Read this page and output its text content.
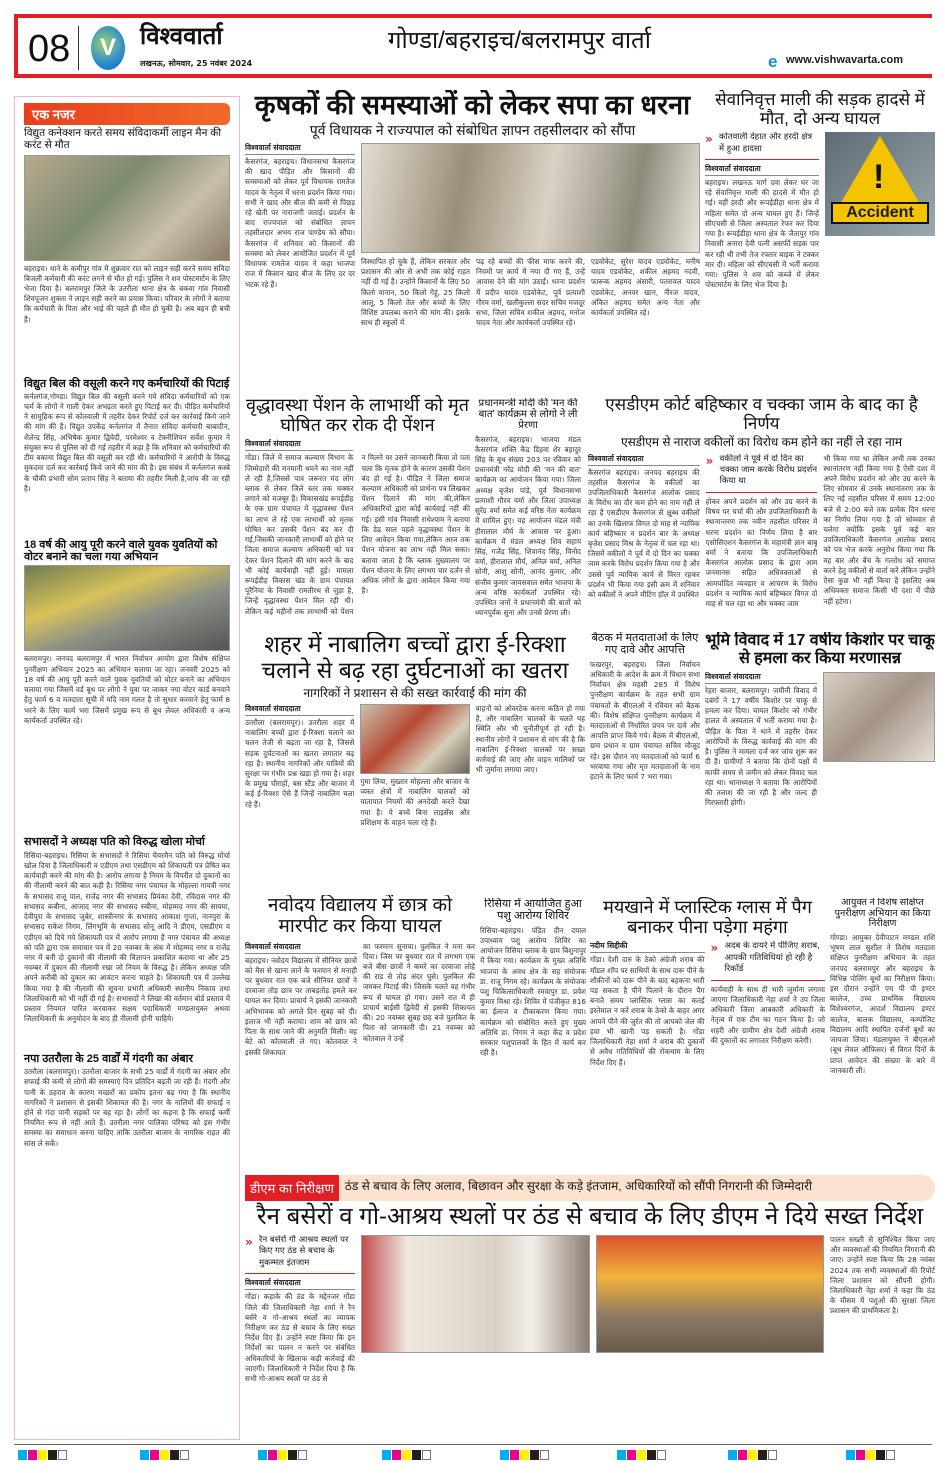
08	V	विश्ववार्ता
लखनऊ, सोमवार, 25 नवंबर 2024
गोण्डा/बहराइच/बलरामपुर वार्ता
e www.vishwavarta.com
एक नजर
विद्युत कनेक्शन करते समय संविदाकर्मी लाइन मैन की करंट से मौत
बहराइच। थाने के कमीपुर गांव में शुक्रवार रात को लाइन सही करने समय संविदा बिजली कर्मचारी की करंट लगने से मौत हो गई। पुलिस ने शव पोस्टमार्टम के लिए भेजा दिया है। बलरामपुर जिले के उतरौला थाना क्षेत्र के बकवा गांव निवासी शिवपूजन शुक्ला ने लाइन सही करने का प्रयास किया। परिवार के लोगों ने बताया कि कर्मचारी के पिता और भाई की पहले ही मौत हो चुकी है। अब बहन ही बची है।
विद्युत बिल की वसूली करने गए कर्मचारियों की पिटाई
कर्नलगंज,गोण्डा। विद्युत बिल की वसूली करने गये संविदा कर्मचारियों को एक फर्म के लोगों ने गाली देकर अभद्रता करते हुए पिटाई कर दी। पीड़ित कर्मचारियों ने सामूहिक रूप से कोतवाली में तहरीर देकर रिपोर्ट दर्ज कर कार्रवाई किये जाने की मांग की है। विद्युत उपकेंद्र कर्नलगंज में तैनात संविदा कर्मचारी बाबादीन, शैलेन्द्र सिंह, अभिषेक कुमार द्विवेदी, परमेश्वर व टेक्नीशियन सर्वेश कुमार ने संयुक्त रूप से पुलिस को दी गई तहरीर में कहा है कि शनिवार को कर्मचारियों की टीम बकाया विद्युत बिल की वसूली कर रही थी। कर्मचारियों ने आरोपी के विरुद्ध मुकदमा दर्ज कर कार्रवाई किये जाने की मांग की है। इस संबंध में कर्नलगंज कस्बे के चौकी प्रभारी सोम प्रताप सिंह ने बताया की तहरीर मिली है,जांच की जा रही है।
18 वर्ष की आयु पूरी करने वाले युवक युवतियों को वोटर बनाने का चला गया अभियान
बलरामपुर। जनपद बलरामपुर में भारत निर्वाचन आयोग द्वारा विशेष संक्षिप्त पुनरीक्षण अभियान 2025 का अभियान चलाया जा रहा। जनवरी 2025 को 18 वर्ष की आयु पूरी करने वाले युवक युवतियों को वोटर बनाने का अभियान चलाया गया जिसमें वर्ड बूथ पर लोगो ने युवा पर जाकर नया वोटर कार्ड बनवाने हेतु फार्म 6 व मतदाता सूची में यदि नाम गलत है तो सुधार करवाने हेतु फार्म 8 भरने के लिए फार्म भरा जिसमें प्रमुख रूप से बूथ लेवल अधिकारी व अन्य कार्यकर्ता उपस्थित रहे।
सभासदों ने अध्यक्ष पति को विरुद्ध खोला मोर्चा
रिसिया-बहराइच। रिसिया के सभासदों ने रिसिया चेयरमैन पति को विरुद्ध मोर्चा खोल दिया है जिलाधिकारी व एडीएम तथा एसडीएम को शिकायती पत्र प्रेषित कर कार्यवाही करने की मांग की है। आरोप लगाया है नियम के विपरीत दो दुकानों का की नीलामी करने की बात कही है। रिसिया नगर पंचायत के मोहल्ला गायत्री नगर के सभासद राजू पाल, राजेंद्र नगर की सभासद प्रियंका देवी, रविदास नगर की सभासद कबीना, आजाद नगर की सभासद रुबीना, मोहम्मद नगर की सायमा, देवीपुरा के सभासद जुबेर, शास्त्रीनगर के सभासद आकाश गुप्ता, नानपुरा के सभासद राकेश निगम, लिंगभूमि के सभासद सोनू आदि ने डीएम, एसडीएम व एडीएम को दिये गये शिकायती पत्र में आरोप लगाया है नगर पंचायत की अध्यक्ष को पति द्वारा एक समाचार पत्र में 20 नवम्बर के अंक में मोहम्मद नगर व राजेंद्र नगर में बनी दो दुकानों की नीलामी की विज्ञापन प्रकाशित कराया था और 25 नवम्बर में दुकान की नीलामी रखा जो नियम के विरुद्ध है। लेकिन अध्यक्ष पति अपने करीबी को दुकान का आवंटन करना चाहते है। शिकायती पत्र में उल्लेख किया गया है की नीलामी की सूचना प्रभारी अधिकारी स्थानीय निकाय तथा जिलाधिकारी को भी नहीं दी गई है। सभासदों ने लिखा की वर्तमान बोर्ड प्रस्ताव में प्रस्ताव नियमत पारित करवाकर सक्षम पदाधिकारी मण्डलायुक्त अथवा जिलाधिकारी के अनुमोदन के बाद ही नीलामी होनी चाहिये।
नपा उतरौला के 25 वार्डों में गंदगी का अंबार
उतरौला (बलरामपुर)। उतरौला बाजार के सभी 25 वार्डों में गंदगी का अंबार और सफाई की कमी से लोगों की समस्याएं दिन प्रतिदिन बढ़ती जा रही हैं। गंदगी और पानी के ठहराव के कारण मच्छरों का प्रकोप इतना बढ़ गया है कि स्थानीय नागरिकों ने प्रशासन से इसकी शिकायत की है। नगर के नालियों की सफाई न होने से गंदा पानी सड़कों पर बह रहा है। लोगों का कहना है कि सफाई कर्मी नियमित रूप से नहीं आते हैं। उतरौला नगर पालिका परिषद को इस गंभीर समस्या का समाधान करना चाहिए ताकि उतरौला बाजार के नागरिक राहत की सांस ले सकें।
कृषकों की समस्याओं को लेकर सपा का धरना
पूर्व विधायक ने राज्यपाल को संबोधित ज्ञापन तहसीलदार को सौंपा
विश्ववार्ता संवाददाता
कैसरगंज, बहराइच। विधानसभा कैसरगंज की खाद पीड़ित और किसानों की समस्याओं को लेकर पूर्व विधायक रामतेज यादव के नेतृत्व में धरना प्रदर्शन किया गया। सभी ने खाद और बीज की कमी से पिछड़ रहे खेती पर नाराजगी जताई। प्रदर्शन के बाद राज्यपाल को संबोधित ज्ञापन तहसीलदार अभय राज पाण्डेय को सौंपा। कैसरगंज में शनिवार को किसानों की समस्या को लेकर आयोजित प्रदर्शन में पूर्व विधायक रामतेज यादव ने कहा भाजपा राज में किसान खाद बीज के लिए दर दर भटक रहे हैं।
विस्थापित हो चुके हैं, लेकिन सरकार और प्रशासन की ओर से अभी तक कोई राहत नहीं दी गई है। उन्होंने किसानों के लिए 50 किलो यानान, 50 किलो गेहूं, 25 किलो आलू, 5 किलो तेल और बच्चों के लिए विशिष्ट उपलब्ध कराने की मांग की। इसके साथ ही स्कूलों में
पढ़ रहे बच्चों की फीस माफ करने की, नियमों पर कार्य में नया दौ गए हैं, उन्हें आवास देने की मांग उठाई। धरना प्रदर्शन में प्रदीप यादव एडवोकेट, पूर्व प्रत्याशी गौरव वर्मा, खलीकुल्ला सदर सचिव मजदूर सभा, जिला सचिव शकील अहमद, मनोज यादव नेता और कार्यकर्ता उपस्थित रहे।
एडवोकेट, सुरेश यादव एडवोकेट, मनीष यादव एडवोकेट, शकील अहमद नदवी, फारूक अहमद अंसारी, पतरावल यादव एडवोकेट, अनवर खान, नीरज यादव, अंकित अहमद समेत अन्य नेता और कार्यकर्ता उपस्थित रहे।
सेवानिवृत्त माली की सड़क हादसे में मौत, दो अन्य घायल
» कोतवाली देहात और हरदी क्षेत्र में हुआ हादसा
विश्ववार्ता संवाददाता
बहराइच। लखनऊ मार्ग दवा लेकर घर जा रहे सेवानिवृत्त माली की हादसे में मौत हो गई। वहीं हरदी और रूपईडीहा थाना क्षेत्र में महिला समेत दो अन्य घायल हुए हैं। जिन्हें सीएचसी से जिला अस्पताल रेफर कर दिया गया है। रूपईडीहा थाना क्षेत्र के जैतापुर गांव निवासी अनारा देवी पत्नी असर्फी सड़क पार कर रही थी तभी तेज रफ्तार बाइक ने टक्कर मार दी। महिला को सीएचसी में भर्ती कराया गया। पुलिस ने शव को कब्जे में लेकर पोस्टमार्टम के लिए भेज दिया है।
!
Accident
वृद्धावस्था पेंशन के लाभार्थी को मृत घोषित कर रोक दी पेंशन
विश्ववार्ता संवाददाता
गोंडा। जिले में समाज कल्याण विभाग के जिम्मेदारों की मनमानी थमने का नाम नहीं ले रही है,जिससे पात्र जरूरत मंद लोग ब्लाक से लेकर जिले स्तर तक चक्कर लगाने को मजबूर हैं। विकासखंड रूपईडीह के एक ग्राम पंचायत में वृद्धावस्था पेंशन का लाभ ले रहे एक लाभार्थी को मृतक घोषित कर उसकी पेंशन बंद कर दी गई,जिसकी जानकारी लाभार्थी को होने पर जिला समाज कल्याण अधिकारी को पत्र देकर पेंशन दिलाने की मांग करने के बाद भी कोई कार्यवाही नहीं हुई। मामला रूपईडीह विकास खंड के ग्राम पंचायत पूरैनिया के निवासी रामतीरथ से जुड़ा है, जिन्हें वृद्धावस्था पेंशन मिल रही थी। लेकिन कई महीनों तक लाभार्थी को पेंशन न मिलने पर उसने जानकारी किया तो पता चला कि मृतक होने के कारण उसकी पेंशन बंद हो गई है। पीड़ित ने जिला समाज कल्याण अधिकारी को प्रार्थना पत्र लिखकर पेंशन दिलाने की मांग की,लेकिन अधिकारियों द्वारा कोई कार्यवाई नहीं की गई। इसी गांव निवासी राधेश्याम ने बताया कि डेढ़ साल पहले वृद्धावस्था पेंशन के लिए आवेदन किया गया,लेकिन आज तक पेंशन योजना का लाभ नहीं मिल सका। बताया जाता है कि ब्लाक मुख्यालय पर पेंशन योजना के लिए लगभग चार दर्जन से अधिक लोगों के द्वारा आवेदन किया गया है।
प्रधानमन्त्री मोदी की 'मन की बात' कार्यक्रम से लोगो ने ली प्रेरणा
कैसरगंज, बहराइच। भाजपा मंडल कैसरगंज शक्ति केंद्र डिहवा शेर बहादुर सिंह के बूथ संख्या 203 पर रविवार को प्रधानमंत्री नरेंद्र मोदी की 'मन की बात' कार्यक्रम का आयोजन किया गया। जिला अध्यक्ष बृजेश पांडे, पूर्व विधानसभा प्रत्याशी गौरव वर्मा और जिला उपाध्यक्ष सुरेंद्र वर्मा समेत कई वरिष्ठ नेता कार्यक्रम में शामिल हुए। यह आयोजन मंडल मंत्री हीरालाल मौर्य के आवास पर हुआ।कार्यक्रम में मंडल अध्यक्ष शिव सहाय सिंह, गजेंद्र सिंह, शिवानंद सिंह, विनोद वर्मा, हीरालाल मौर्य, अनिल वर्मा, अनिल सोनी, आशु सोनी, आनंद कुमार, और संजीव कुमार जायसवाल समेत भाजपा के अन्य वरिष्ठ कार्यकर्ता उपस्थित रहे। उपस्थित जनों ने प्रधानमंत्री की बातों को ध्यानपूर्वक सुना और उनसे प्रेरणा ली।
एसडीएम कोर्ट बहिष्कार व चक्का जाम के बाद का है निर्णय
एसडीएम से नाराज वकीलों का विरोध कम होने का नहीं ले रहा नाम
विश्ववार्ता संवाददाता
कैसरगंज बहराइच। जनपद बहराइच की तहसील कैसरगंज के वकीलों का उपजिलाधिकारी कैसरगंज आलोक प्रसाद के विरोध का दौर कम होने का नाम नहीं ले रहा है एसडीएम कैसरगंज से क्षुब्ध वकीलों का उनके खिलाफ विगत दो माह से न्यायिक कार्य बहिष्कार व प्रदर्शन बार के अध्यक्ष बृजेश प्रसाद मिश्र के नेतृत्व में चल रहा था। जिसमें वकीलों ने पूर्व में दो दिन का चक्का जाम करके विरोध प्रदर्शन किया गया है और उससे पूर्व न्यायिक कार्य से विरत रहकर प्रदर्शन भी किया गया इसी क्रम में शनिवार को वकीलों ने अपने मीटिंग हॉल में उपस्थित
» वकीलों ने पूर्व में दो दिन का चक्का जाम करके विरोध प्रदर्शन किया था
होकर अपने प्रदर्शन को और उग्र करने के विषय पर चर्चा की और उपजिलाधिकारी के स्थानान्तरण तक नवीन तहसील परिसर में धरना प्रदर्शन का निर्णय लिया है बार एसोसिएशन कैसरगंज के महामंत्री ज्ञान बाबू वर्मा ने बताया कि उपजिलाधिकारी कैसरगंज आलोक प्रसाद के द्वारा आम जनमानस सहित अधिवक्ताओं से आमर्यादित व्यवहार व आचरण के विरोध प्रदर्शन व न्यायिक कार्य बहिष्कार विगत दो माह से चल रहा था और चक्का जाम
भी किया गया था लेकिन अभी तक उनका स्थानांतरण नहीं किया गया है ऐसी दशा में अपने विरोध प्रदर्शन को और उग्र करने के लिए सोमवार से उनके स्थानांतरण तक के लिए नई तहसील परिसर में समय 12:00 बजे से 2:00 बजे तक प्रत्येक दिन धरना का निर्णय लिया गया है जो सोमवार से चलेगा क्योंकि इसके पूर्व कई बार उपजिलाधिकारी कैसरगंज आलोक प्रसाद को पत्र भेज करके अनुरोध किया गया कि वह बार और बेंच के गतरोध को समाप्त करने हेतु वकीलों से वार्ता करें लेकिन उन्होंने ऐसा कुछ भी नहीं किया है इसलिए अब अधिवक्ता समाज किसी भी दशा में पीछे नहीं हटेगा।
शहर में नाबालिग बच्चों द्वारा ई-रिक्शा चलाने से बढ़ रहा दुर्घटनाओं का खतरा
नागरिकों ने प्रशासन से की सख्त कार्रवाई की मांग की
विश्ववार्ता संवाददाता
उतरौला (बलरामपुर)। उतरौला शहर में नाबालिग बच्चों द्वारा ई-रिक्शा चलाने का चलन तेजी से बढ़ता जा रहा है, जिससे सड़क दुर्घटनाओं का खतरा लगातार बढ़ रहा है। स्थानीय नागरिकों और यात्रियों की सुरक्षा पर गंभीर प्रश्न खड़ा हो गया है। शहर के प्रमुख चौराहों, बस स्टैंड और बाजार में कई ई-रिक्शा ऐसे हैं जिन्हें नाबालिग चला रहे हैं।
गुमा लिया, मुख्तार मोहल्ला और बाजार के व्यस्त क्षेत्रों में नाबालिग चालकों को यातायात नियमों की अनदेखी करते देखा गया है। ये बच्चे बिना लाइसेंस और प्रशिक्षण के वाहन चला रहे हैं।
वाहनों को ओवरटेक करना कठिन हो गया है, और नाबालिग चालकों के चलते यह स्थिति और भी चुनौतीपूर्ण हो रही है। स्थानीय लोगों ने प्रशासन से मांग की है कि नाबालिग ई-रिक्शा चालकों पर सख्त कार्रवाई की जाए और वाहन मालिकों पर भी जुर्माना लगाया जाए।
बैठक में मतदाताओं के लिए गए दावे और आपत्ति
फखरपुर, बहराइच। जिला निर्वाचन अधिकारी के आदेश के क्रम में विधान सभा निर्वाचन क्षेत्र महसी 285 में विशेष पुनरीक्षण कार्यक्रम के तहत सभी ग्राम पंचायतों के बीएलओ ने रविवार को बैठक की। विशेष संक्षिप्त पुनरीक्षण कार्यक्रम में मतदाताओं से निर्धारित प्रपत्र पर दावे और आपत्ति प्राप्त किये गये। बैठक में बीएलओ, ग्राम प्रधान व ग्राम पंचायत सचिव मौजूद रहे। इस दौरान नए मतदाताओं को फार्म 6 भरवाया गया और मृत मतदाताओं के नाम हटाने के लिए फार्म 7 भरा गया।
भूमि विवाद में 17 वर्षीय किशोर पर चाकू से हमला कर किया मरणासन्न
विश्ववार्ता संवाददाता
रेहरा बाजार, बलरामपुर। जमीनी विवाद में दबंगों ने 17 वर्षीय किशोर पर चाकू से हमला कर दिया। घायल किशोर को गंभीर हालत में अस्पताल में भर्ती कराया गया है। पीड़ित के पिता ने थाने में तहरीर देकर आरोपियों के विरुद्ध कार्रवाई की मांग की है। पुलिस ने मामला दर्ज कर जांच शुरू कर दी है। ग्रामीणों ने बताया कि दोनों पक्षों में काफी समय से जमीन को लेकर विवाद चल रहा था। थानाध्यक्ष ने बताया कि आरोपियों की तलाश की जा रही है और जल्द ही गिरफ्तारी होगी।
नवोदय विद्यालय में छात्र को मारपीट कर किया घायल
विश्ववार्ता संवाददाता
बहराइच। नवोदय विद्यालय में सीनियर छात्रों को मैस से खाना लाने के फरमान से मनाही पर बुधवार रात एक बजे सीनियर छात्रों ने दरवाजा तोड़ छात्र पर ताबड़तोड़ हमले कर घायल कर दिया। प्राचार्य ने इसकी जानकारी अभिभावक को अगले दिन सुबह को दी। इलाज भी नहीं कराया। शाम को छात्र को पिता के साथ जाने की अनुमति मिली। वह बेटे को कोतवाली ले गए। कोतवाल ने इसकी शिकायत
का फरमान सुनाया। पुलकित ने मना कर दिया। जिस पर बुधवार रात में लगभग एक बजे बीस छात्रों ने कमरे का दरवाजा लोहे की राड से तोड़ अंदर घुसे। पुलकित की जमकर पिटाई की। जिसके चलते वह गंभीर रूप से घायल हो गया। उसने रात में ही प्राचार्य बाईसी द्विवेदी से इसकी शिकायत की। 20 नवम्बर सुबह छह बजे पुलकित के पिता को जानकारी दी। 21 नवम्बर को कोतवाल ने उन्हें
रिसिया में आयोजित हुआ पशु आरोग्य शिविर
रिसिया-बहराइच। पंडित दीन दयाल उपाध्याय पशु आरोग्य शिविर का आयोजन रिसिया ब्लाक के ग्राम बिशुनापुर में किया गया। कार्यक्रम के मुख्य अतिथि भाजपा के अवध क्षेत्र के सह संयोजक डा. राजू निगम रहे। कार्यक्रम के संयोजक पशु चिकित्साधिकारी रमवापुर डा. प्रवेश कुमार मिश्रा रहे। शिविर में पंजीकृत 816 का ईलाज व टीकाकरण किया गया। कार्यक्रम को संबोधित करते हुए मुख्य अतिथि डा. निगम ने कहा केंद्र व प्रदेश सरकार पशुपालकों के हित में कार्य कर रही है।
मयखाने में प्लास्टिक ग्लास में पैग बनाकर पीना पड़ेगा महंगा
नदीम सिद्दीकी
गोंडा। देशी दारु के ठेको अंग्रेजी शराब की मॉडल शॉप पर साथियों के साथ दारू पीने के शौकीनों को दारू पीने के बाद बहकना भारी पड़ सकता है पीने पिलाने के दौरान पैग बनाते समय प्लास्टिक ग्लास का कतई इस्तेमाल न करें शराब के ठेको के बाहर अगर आपने पीने की जुर्रत की तो आपको जेल की हवा भी खानी पड़ सकती है। गोंडा जिलाधिकारी नेहा शर्मा ने शराब की दुकानों से अवैध गतिविधियों की रोकथाम के लिए निर्देश दिए हैं।
» अदब के दायरे में पीजिए शराब, आपकी गतिविधियां हो रही है रिकॉर्ड
कार्यवाही के साथ ही भारी जुर्माना लगाया जाएगा जिलाधिकारी नेहा शर्मा ने उप जिला अधिकारी जिला आबकारी अधिकारी के नेतृत्व में एक टीम का गठन किया है। जो शहरी और ग्रामीण क्षेत्र देशी अंग्रेजी शराब की दुकानों का लगातार निरीक्षण करेगी।
आयुक्त ने विशेष संक्षिप्त पुनरीक्षण अभियान का किया निरीक्षण
गोण्डा। आयुक्त देवीपाटन मण्डल शशि भूषण लाल सुशील ने विशेष मतदाता संक्षिप्त पुनरीक्षण अभियान के तहत जनपद बलरामपुर और बहराइच के विभिन्न पोलिंग बूथों का निरीक्षण किया। इस दौरान उन्होंने एम पी पी इण्टर कालेज, उच्च प्राथमिक विद्यालय विशेश्वरगंज, आदर्श विद्यालय इण्टर कालेज, बालक विद्यालय, कम्पोजिट विद्यालय आदि स्थापित दर्जनों बूथों का जायजा लिया। मंडलायुक्त ने बीएलओ (बूथ लेवल ऑफिसर) से विगत दिनों के प्राप्त आवेदन की संख्या के बारे में जानकारी ली।
डीएम का निरीक्षण ठंड से बचाव के लिए अलाव, बिछावन और सुरक्षा के कड़े इंतजाम, अधिकारियों को सौंपी निगरानी की जिम्मेदारी
रैन बसेरों व गो-आश्रय स्थलों पर ठंड से बचाव के लिए डीएम ने दिये सख्त निर्देश
» रैन बसेरों गौ आश्रय स्थलों पर किए गए ठंड से बचाव के मुकम्मल इंतजाम
विश्ववार्ता संवाददाता
गोंडा। कड़ाके की ठंड के मद्देनजर गोंडा जिले की जिलाधिकारी नेहा शर्मा ने रैन बसेरे व गो-आश्रय स्थलों का व्यापक निरीक्षण कर ठंड से बचाव के लिए सख्त निर्देश दिए हैं। उन्होंने स्पष्ट किया कि इन निर्देशों का पालन न करने पर संबंधित अधिकारियों के खिलाफ कड़ी कार्रवाई की जाएगी। जिलाधिकारी ने निर्देश दिया है कि सभी गो-आश्रय स्थलों पर ठंड से
पालन सख्ती से सुनिश्चित किया जाए और व्यवस्थाओं की नियमित निगरानी की जाए। उन्होंने स्पष्ट किया कि 28 नवंबर 2024 तक सभी व्यवस्थाओं की रिपोर्ट जिला प्रशासन को सौंपनी होगी। जिलाधिकारी नेहा शर्मा ने कहा कि ठंड के मौसम में पशुओं की सुरक्षा जिला प्रशासन की प्राथमिकता है।
